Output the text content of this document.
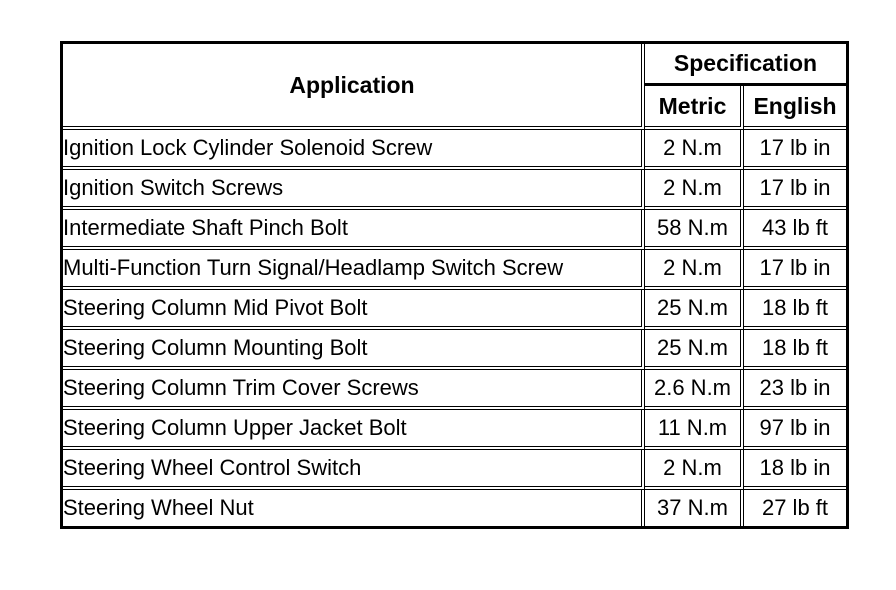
Application	Specification	
	Metric	English
Ignition Lock Cylinder Solenoid Screw	2 N.m	17 lb in
Ignition Switch Screws	2 N.m	17 lb in
Intermediate Shaft Pinch Bolt	58 N.m	43 lb ft
Multi-Function Turn Signal/Headlamp Switch Screw	2 N.m	17 lb in
Steering Column Mid Pivot Bolt	25 N.m	18 lb ft
Steering Column Mounting Bolt	25 N.m	18 lb ft
Steering Column Trim Cover Screws	2.6 N.m	23 lb in
Steering Column Upper Jacket Bolt	11 N.m	97 lb in
Steering Wheel Control Switch	2 N.m	18 lb in
Steering Wheel Nut	37 N.m	27 lb ft
